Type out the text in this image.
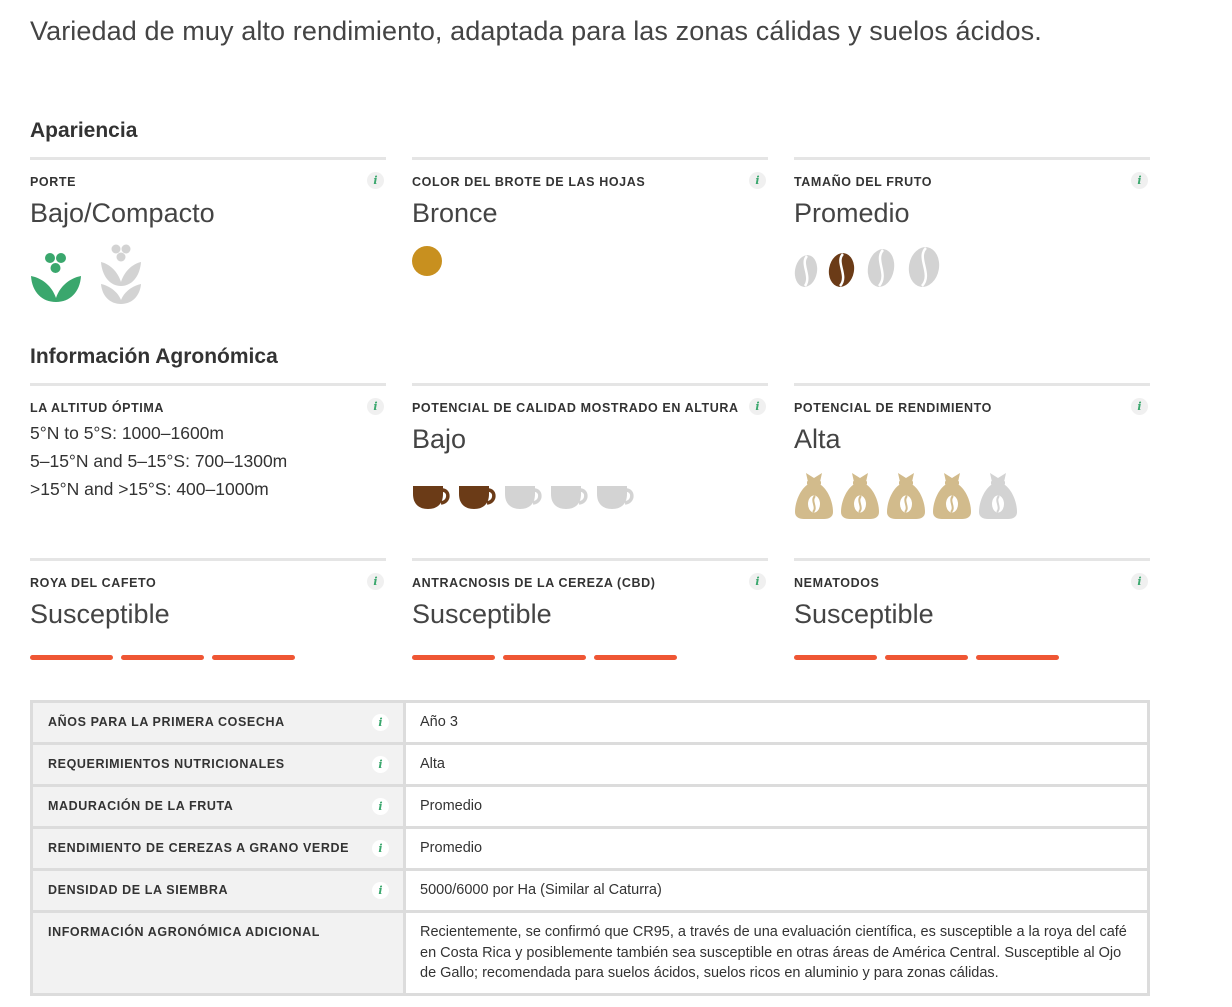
Variedad de muy alto rendimiento, adaptada para las zonas cálidas y suelos ácidos.
Apariencia
PORTE	i
Bajo/Compacto
COLOR DEL BROTE DE LAS HOJAS	i
Bronce
TAMAÑO DEL FRUTO	i
Promedio
Información Agronómica
LA ALTITUD ÓPTIMA	i
5°N to 5°S: 1000–1600m
5–15°N and 5–15°S: 700–1300m
>15°N and >15°S: 400–1000m
POTENCIAL DE CALIDAD MOSTRADO EN ALTURA	i
Bajo
POTENCIAL DE RENDIMIENTO	i
Alta
ROYA DEL CAFETO	i
Susceptible
ANTRACNOSIS DE LA CEREZA (CBD)	i
Susceptible
NEMATODOS	i
Susceptible
AÑOS PARA LA PRIMERA COSECHA i	Año 3
REQUERIMIENTOS NUTRICIONALES i	Alta
MADURACIÓN DE LA FRUTA i	Promedio
RENDIMIENTO DE CEREZAS A GRANO VERDE i	Promedio
DENSIDAD DE LA SIEMBRA i	5000/6000 por Ha (Similar al Caturra)
INFORMACIÓN AGRONÓMICA ADICIONAL	Recientemente, se confirmó que CR95, a través de una evaluación científica, es susceptible a la roya del café en Costa Rica y posiblemente también sea susceptible en otras áreas de América Central. Susceptible al Ojo de Gallo; recomendada para suelos ácidos, suelos ricos en aluminio y para zonas cálidas.
